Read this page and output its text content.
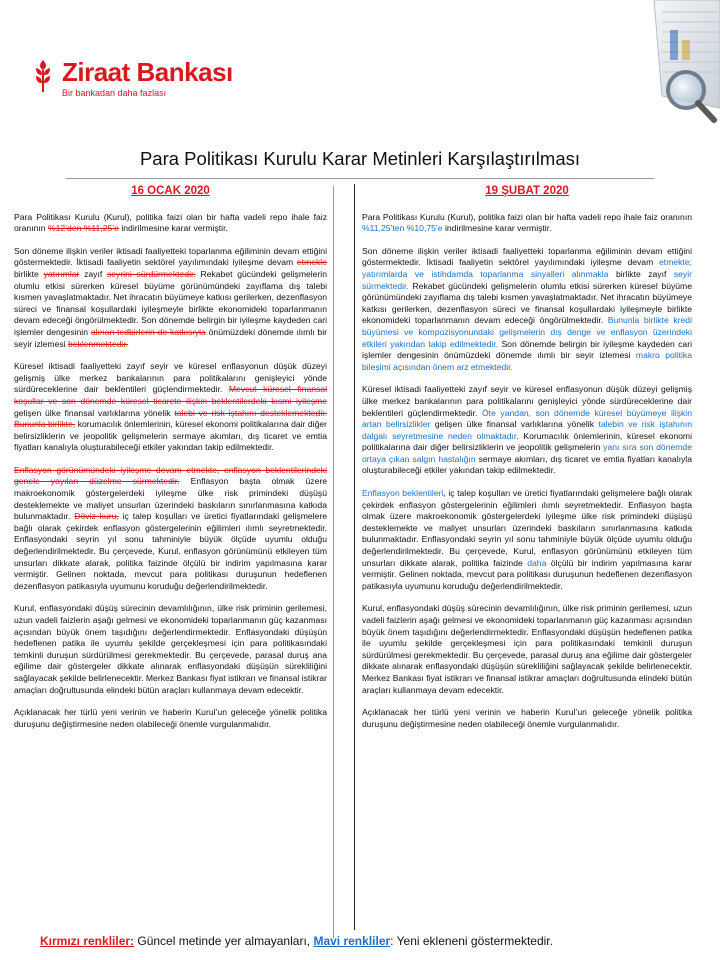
Ziraat Bankası
Bir bankadan daha fazlası
Para Politikası Kurulu Karar Metinleri Karşılaştırılması
16 OCAK 2020

Para Politikası Kurulu (Kurul), politika faizi olan bir hafta vadeli repo ihale faiz oranının %12’den %11,25’e indirilmesine karar vermiştir.

Son döneme ilişkin veriler iktisadi faaliyetteki toparlanma eğiliminin devam ettiğini göstermektedir. İktisadi faaliyetin sektörel yayılımındaki iyileşme devam etmekle birlikte yatırımlar zayıf seyrini sürdürmektedir. Rekabet gücündeki gelişmelerin olumlu etkisi sürerken küresel büyüme görünümündeki zayıflama dış talebi kısmen yavaşlatmaktadır. Net ihracatın büyümeye katkısı gerilerken, dezenflasyon süreci ve finansal koşullardaki iyileşmeyle birlikte ekonomideki toparlanmanın devam edeceği öngörülmektedir. Son dönemde belirgin bir iyileşme kaydeden cari işlemler dengesinin alınan tedbirlerin de katkısıyla önümüzdeki dönemde ılımlı bir seyir izlemesi beklenmektedir.

Küresel iktisadi faaliyetteki zayıf seyir ve küresel enflasyonun düşük düzeyi gelişmiş ülke merkez bankalarının para politikalarını genişleyici yönde sürdüreceklerine dair beklentileri güçlendirmektedir. Mevcut küresel finansal koşullar ve son dönemde küresel ticarete ilişkin beklentilerdeki kısmi iyileşme gelişen ülke finansal varlıklarına yönelik talebi ve risk iştahını desteklemektedir. Bununla birlikte, korumacılık önlemlerinin, küresel ekonomi politikalarına dair diğer belirsizliklerin ve jeopolitik gelişmelerin sermaye akımları, dış ticaret ve emtia fiyatları kanalıyla oluşturabileceği etkiler yakından takip edilmektedir.

Enflasyon görünümündeki iyileşme devam etmekte, enflasyon beklentilerindeki genele yayılan düzelme sürmektedir. Enflasyon başta olmak üzere makroekonomik göstergelerdeki iyileşme ülke risk primindeki düşüşü desteklemekte ve maliyet unsurları üzerindeki baskıların sınırlanmasına katkıda bulunmaktadır. Döviz kuru, iç talep koşulları ve üretici fiyatlarındaki gelişmelere bağlı olarak çekirdek enflasyon göstergelerinin eğilimleri ılımlı seyretmektedir. Enflasyondaki seyrin yıl sonu tahminiyle büyük ölçüde uyumlu olduğu değerlendirilmektedir. Bu çerçevede, Kurul, enflasyon görünümünü etkileyen tüm unsurları dikkate alarak, politika faizinde ölçülü bir indirim yapılmasına karar vermiştir. Gelinen noktada, mevcut para politikası duruşunun hedeflenen dezenflasyon patikasıyla uyumunu koruduğu değerlendirilmektedir.

Kurul, enflasyondaki düşüş sürecinin devamlılığının, ülke risk priminin gerilemesi, uzun vadeli faizlerin aşağı gelmesi ve ekonomideki toparlanmanın güç kazanması açısından büyük önem taşıdığını değerlendirmektedir. Enflasyondaki düşüşün hedeflenen patika ile uyumlu şekilde gerçekleşmesi için para politikasındaki temkinli duruşun sürdürülmesi gerekmektedir. Bu çerçevede, parasal duruş ana eğilime dair göstergeler dikkate alınarak enflasyondaki düşüşün sürekliliğini sağlayacak şekilde belirlenecektir. Merkez Bankası fiyat istikrarı ve finansal istikrar amaçları doğrultusunda elindeki bütün araçları kullanmaya devam edecektir.

Açıklanacak her türlü yeni verinin ve haberin Kurul’un geleceğe yönelik politika duruşunu değiştirmesine neden olabileceği önemle vurgulanmalıdır.

19 ŞUBAT 2020

Para Politikası Kurulu (Kurul), politika faizi olan bir hafta vadeli repo ihale faiz oranının %11,25’ten %10,75’e indirilmesine karar vermiştir.

Son döneme ilişkin veriler iktisadi faaliyetteki toparlanma eğiliminin devam ettiğini göstermektedir. İktisadi faaliyetin sektörel yayılımındaki iyileşme devam etmekte; yatırımlarda ve istihdamda toparlanma sinyalleri alınmakla birlikte zayıf seyir sürmektedir. Rekabet gücündeki gelişmelerin olumlu etkisi sürerken küresel büyüme görünümündeki zayıflama dış talebi kısmen yavaşlatmaktadır. Net ihracatın büyümeye katkısı gerilerken, dezenflasyon süreci ve finansal koşullardaki iyileşmeyle birlikte ekonomideki toparlanmanın devam edeceği öngörülmektedir. Bununla birlikte kredi büyümesi ve kompozisyonundaki gelişmelerin dış denge ve enflasyon üzerindeki etkileri yakından takip edilmektedir. Son dönemde belirgin bir iyileşme kaydeden cari işlemler dengesinin önümüzdeki dönemde ılımlı bir seyir izlemesi makro politika bileşimi açısından önem arz etmektedir.

Küresel iktisadi faaliyetteki zayıf seyir ve küresel enflasyonun düşük düzeyi gelişmiş ülke merkez bankalarının para politikalarını genişleyici yönde sürdüreceklerine dair beklentileri güçlendirmektedir. Öte yandan, son dönemde küresel büyümeye ilişkin artan belirsizlikler gelişen ülke finansal varlıklarına yönelik talebin ve risk iştahının dalgalı seyretmesine neden olmaktadır. Korumacılık önlemlerinin, küresel ekonomi politikalarına dair diğer belirsizliklerin ve jeopolitik gelişmelerin yanı sıra son dönemde ortaya çıkan salgın hastalığın sermaye akımları, dış ticaret ve emtia fiyatları kanalıyla oluşturabileceği etkiler yakından takip edilmektedir.

Enflasyon beklentileri, iç talep koşulları ve üretici fiyatlarındaki gelişmelere bağlı olarak çekirdek enflasyon göstergelerinin eğilimleri ılımlı seyretmektedir. Enflasyon başta olmak üzere makroekonomik göstergelerdeki iyileşme ülke risk primindeki düşüşü desteklemekte ve maliyet unsurları üzerindeki baskıların sınırlanmasına katkıda bulunmaktadır. Enflasyondaki seyrin yıl sonu tahminiyle büyük ölçüde uyumlu olduğu değerlendirilmektedir. Bu çerçevede, Kurul, enflasyon görünümünü etkileyen tüm unsurları dikkate alarak, politika faizinde daha ölçülü bir indirim yapılmasına karar vermiştir. Gelinen noktada, mevcut para politikası duruşunun hedeflenen dezenflasyon patikasıyla uyumunu koruduğu değerlendirilmektedir.

Kurul, enflasyondaki düşüş sürecinin devamlılığının, ülke risk priminin gerilemesi, uzun vadeli faizlerin aşağı gelmesi ve ekonomideki toparlanmanın güç kazanması açısından büyük önem taşıdığını değerlendirmektedir. Enflasyondaki düşüşün hedeflenen patika ile uyumlu şekilde gerçekleşmesi için para politikasındaki temkinli duruşun sürdürülmesi gerekmektedir. Bu çerçevede, parasal duruş ana eğilime dair göstergeler dikkate alınarak enflasyondaki düşüşün sürekliliğini sağlayacak şekilde belirlenecektir. Merkez Bankası fiyat istikrarı ve finansal istikrar amaçları doğrultusunda elindeki bütün araçları kullanmaya devam edecektir.

Açıklanacak her türlü yeni verinin ve haberin Kurul’un geleceğe yönelik politika duruşunu değiştirmesine neden olabileceği önemle vurgulanmalıdır.

Kırmızı renkliler: Güncel metinde yer almayanları, Mavi renkliler: Yeni ekleneni göstermektedir.
